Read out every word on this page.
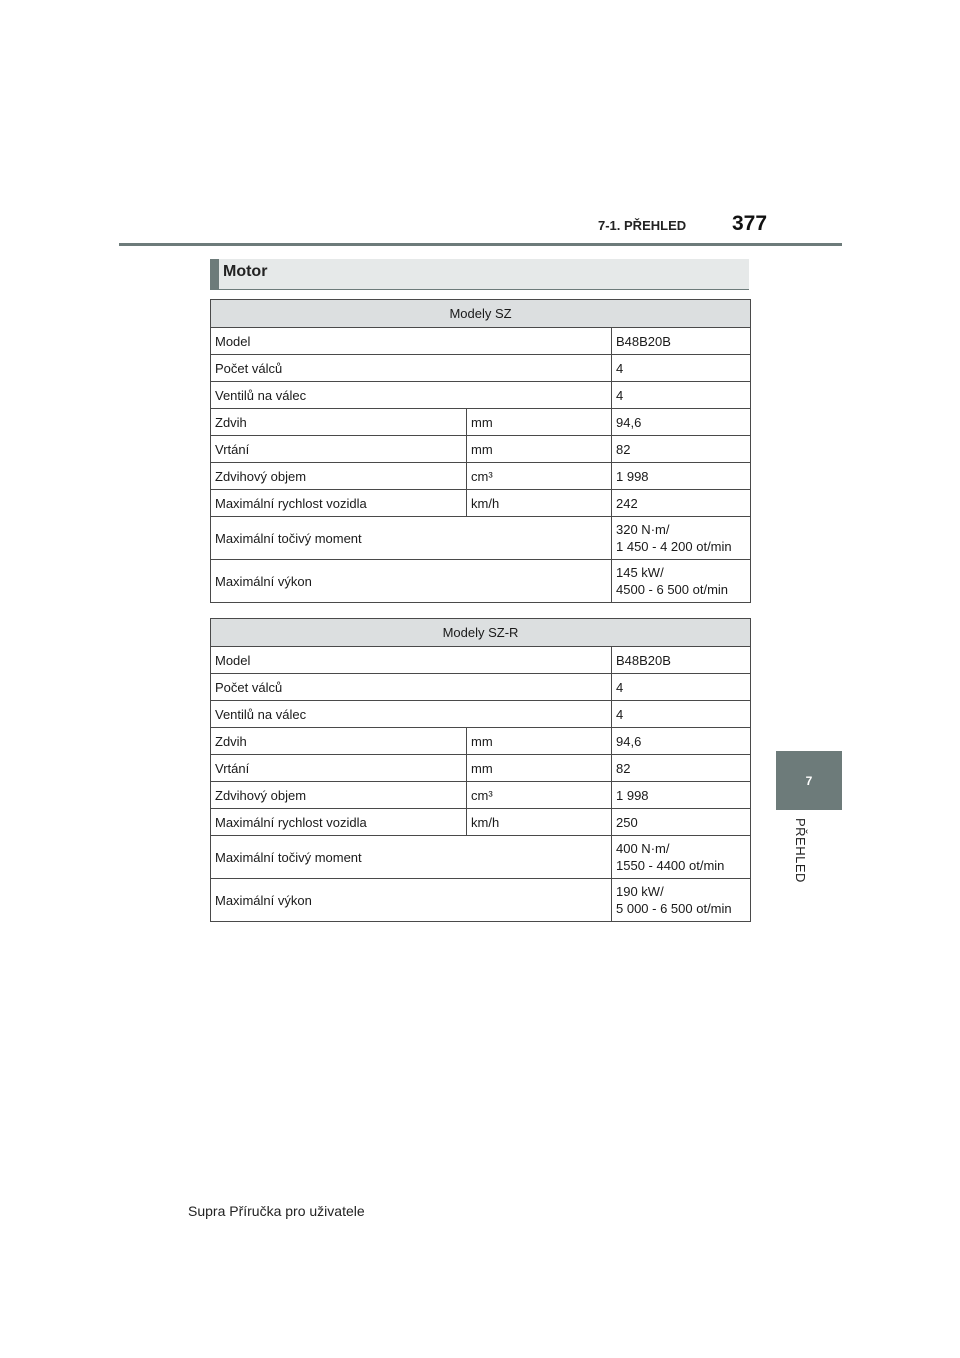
7-1. PŘEHLED 377
7
PŘEHLED
Motor
Modely SZ		
Model		B48B20B
Počet válců		4
Ventilů na válec		4
Zdvih	mm	94,6
Vrtání	mm	82
Zdvihový objem	cm³	1 998
Maximální rychlost vozidla	km/h	242
Maximální točivý moment		320 N·m/
1 450 - 4 200 ot/min

Maximální výkon		145 kW/
4500 - 6 500 ot/min
Modely SZ-R		
Model		B48B20B
Počet válců		4
Ventilů na válec		4
Zdvih	mm	94,6
Vrtání	mm	82
Zdvihový objem	cm³	1 998
Maximální rychlost vozidla	km/h	250
Maximální točivý moment		400 N·m/
1550 - 4400 ot/min

Maximální výkon		190 kW/
5 000 - 6 500 ot/min
Supra Příručka pro uživatele
